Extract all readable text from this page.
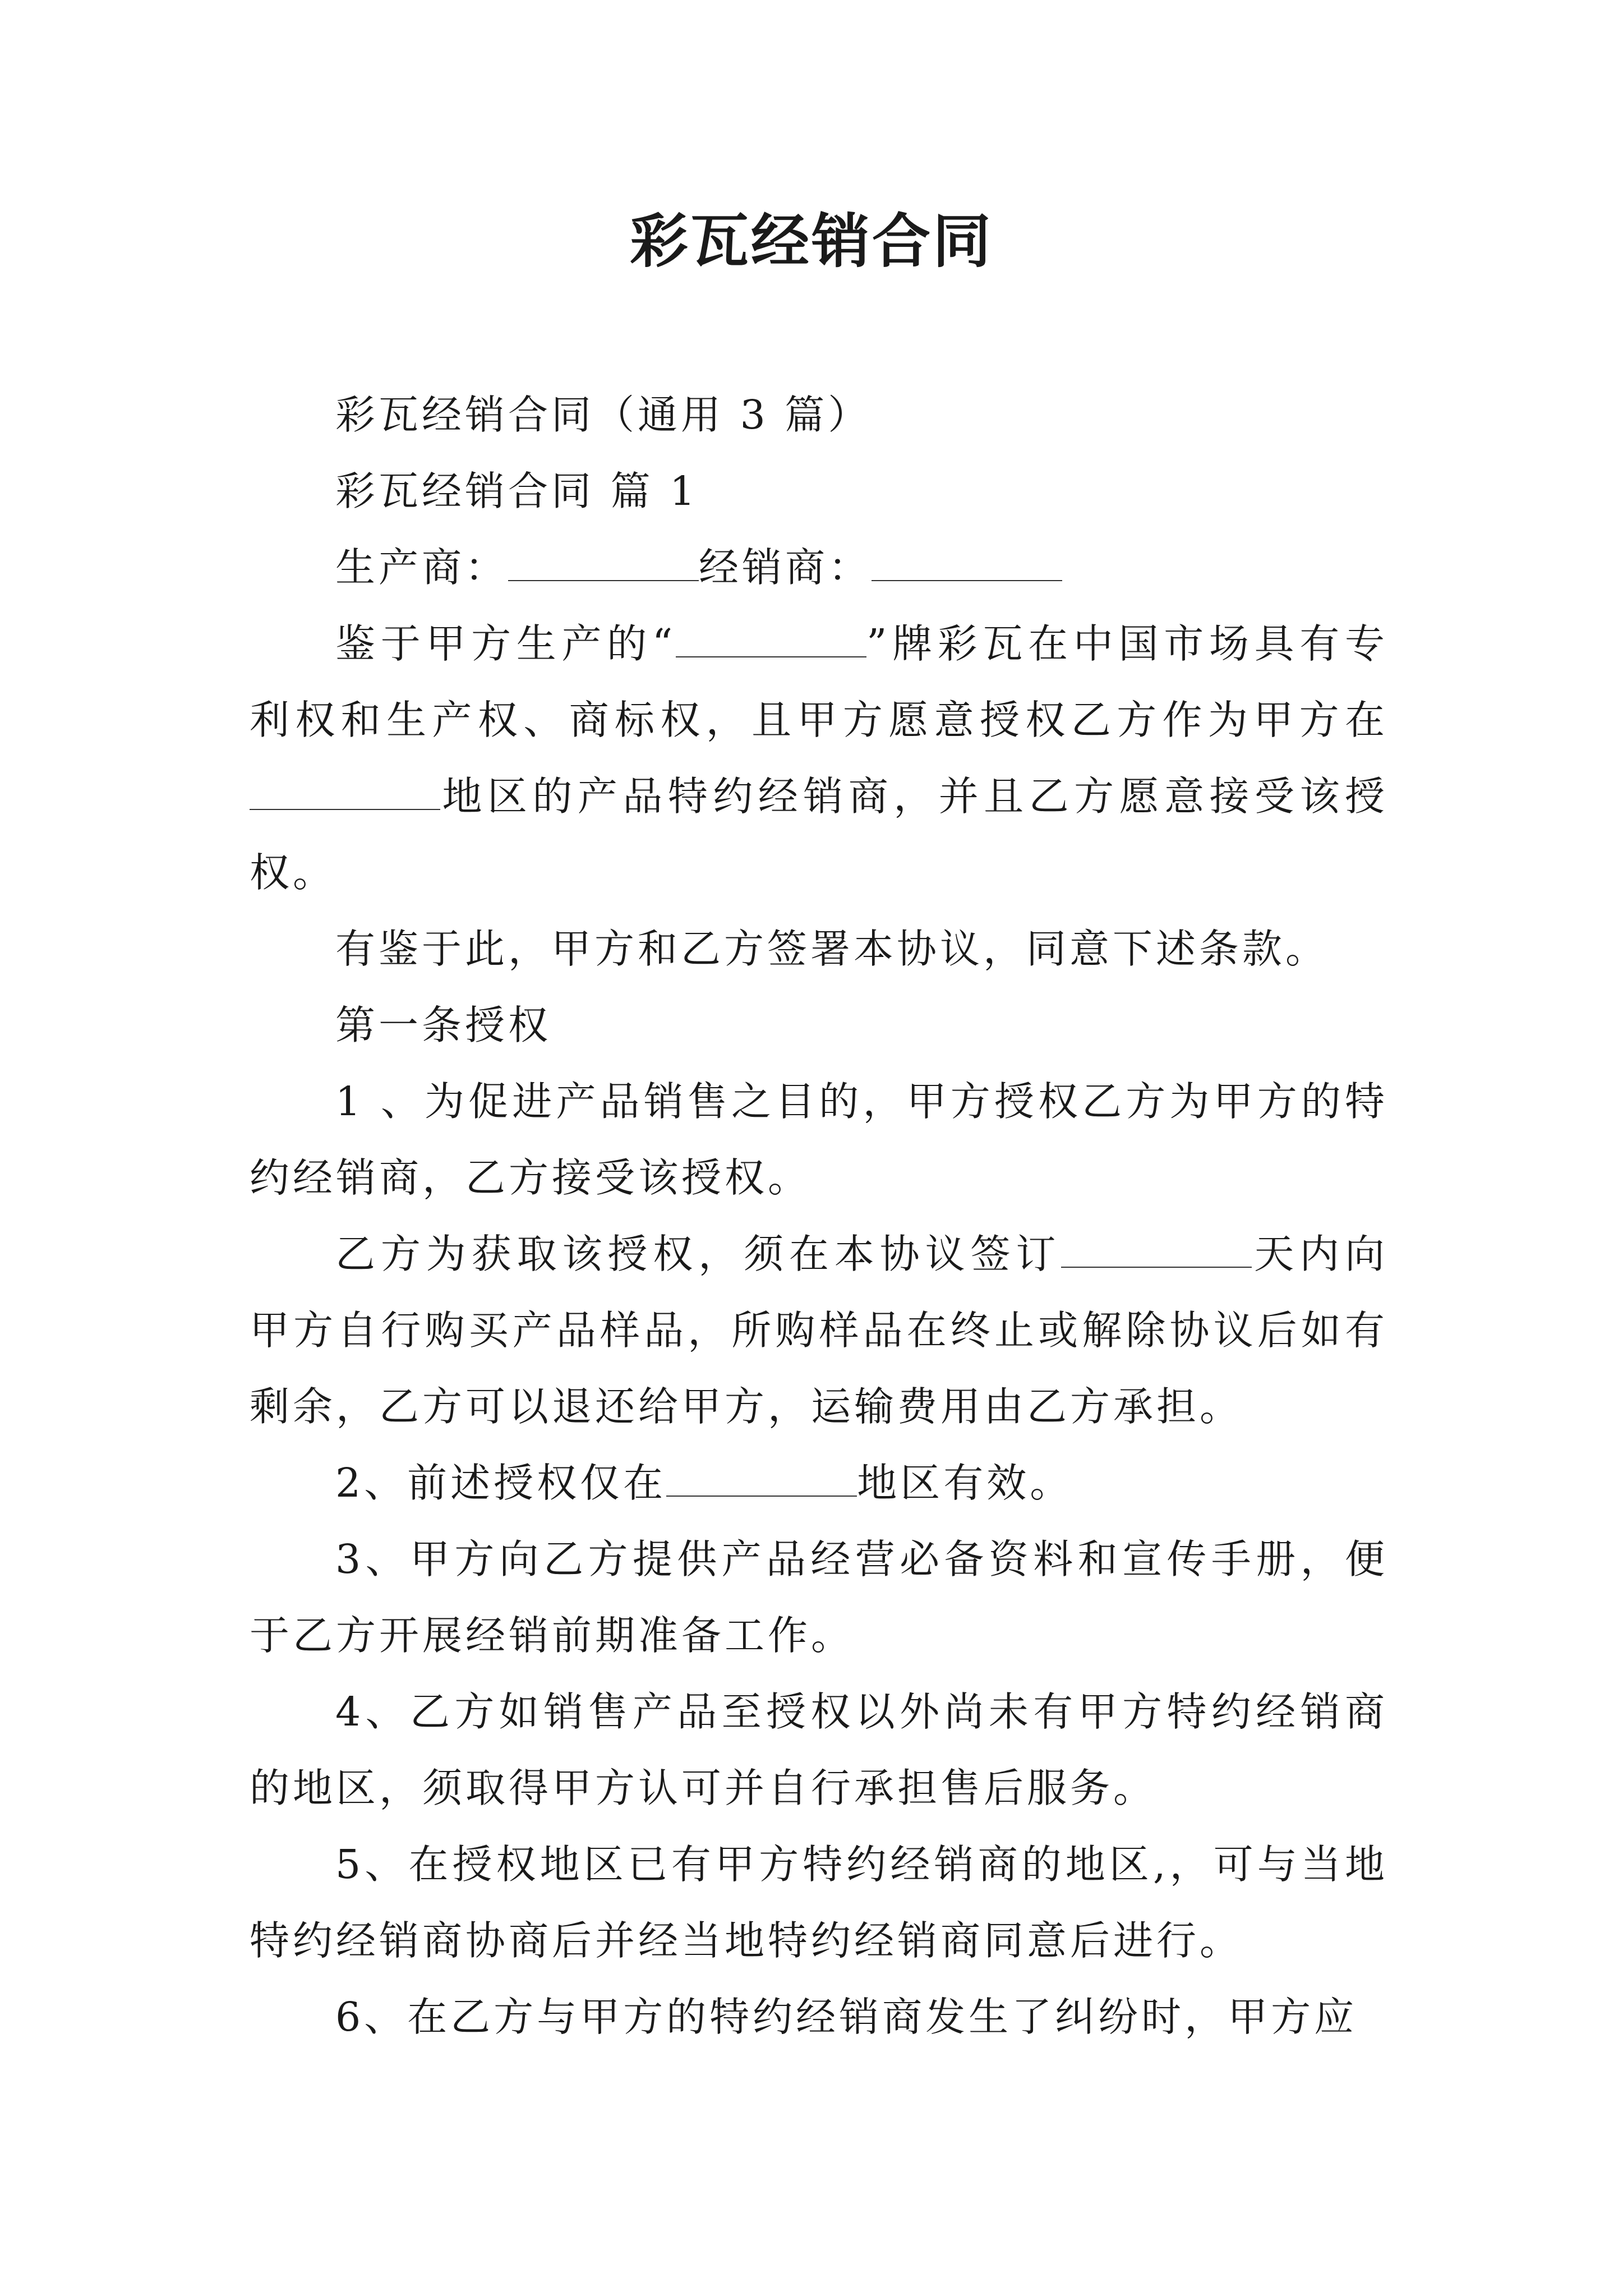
彩瓦经销合同

彩瓦经销合同（通用 3 篇）

彩瓦经销合同 篇 1

生产商：	经销商：

鉴于甲方生产的“	”牌彩瓦在中国市场具有专利权和生产权、商标权，且甲方愿意授权乙方作为甲方在地区的产品特约经销商，并且乙方愿意接受该授权。

有鉴于此，甲方和乙方签署本协议，同意下述条款。

第一条授权

1 、为促进产品销售之目的，甲方授权乙方为甲方的特约经销商，乙方接受该授权。

乙方为获取该授权，须在本协议签订	天内向甲方自行购买产品样品，所购样品在终止或解除协议后如有剩余，乙方可以退还给甲方，运输费用由乙方承担。

2、前述授权仅在	地区有效。

3、甲方向乙方提供产品经营必备资料和宣传手册，便于乙方开展经销前期准备工作。

4、乙方如销售产品至授权以外尚未有甲方特约经销商的地区，须取得甲方认可并自行承担售后服务。

5、在授权地区已有甲方特约经销商的地区,，可与当地特约经销商协商后并经当地特约经销商同意后进行。

6、在乙方与甲方的特约经销商发生了纠纷时，甲方应
